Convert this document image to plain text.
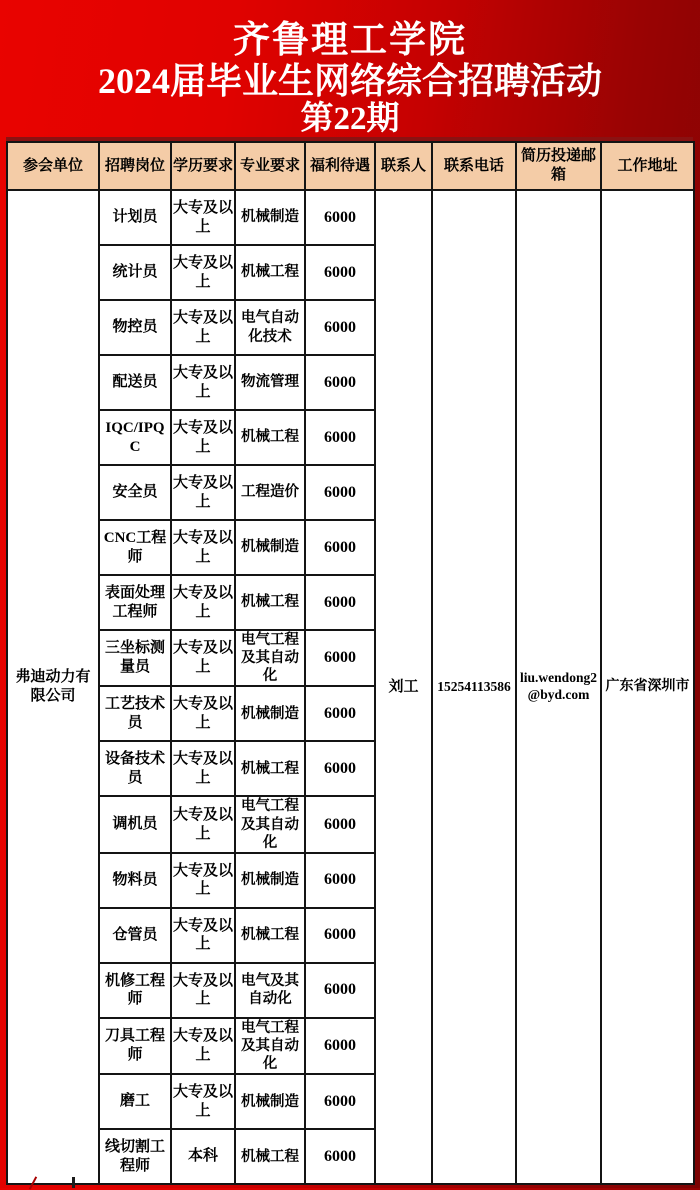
齐鲁理工学院
2024届毕业生网络综合招聘活动
第22期
参会单位	招聘岗位	学历要求	专业要求	福利待遇	联系人	联系电话	简历投递邮箱	工作地址
弗迪动力有限公司	计划员	大专及以上	机械制造	6000	刘工	15254113586	liu.wendong2@byd.com	广东省深圳市
	统计员	大专及以上	机械工程	6000				
	物控员	大专及以上	电气自动化技术	6000				
	配送员	大专及以上	物流管理	6000				
	IQC/IPQC	大专及以上	机械工程	6000				
	安全员	大专及以上	工程造价	6000				
	CNC工程师	大专及以上	机械制造	6000				
	表面处理工程师	大专及以上	机械工程	6000				
	三坐标测量员	大专及以上	电气工程及其自动化	6000				
	工艺技术员	大专及以上	机械制造	6000				
	设备技术员	大专及以上	机械工程	6000				
	调机员	大专及以上	电气工程及其自动化	6000				
	物料员	大专及以上	机械制造	6000				
	仓管员	大专及以上	机械工程	6000				
	机修工程师	大专及以上	电气及其自动化	6000				
	刀具工程师	大专及以上	电气工程及其自动化	6000				
	磨工	大专及以上	机械制造	6000				
	线切割工程师	本科	机械工程	6000				
